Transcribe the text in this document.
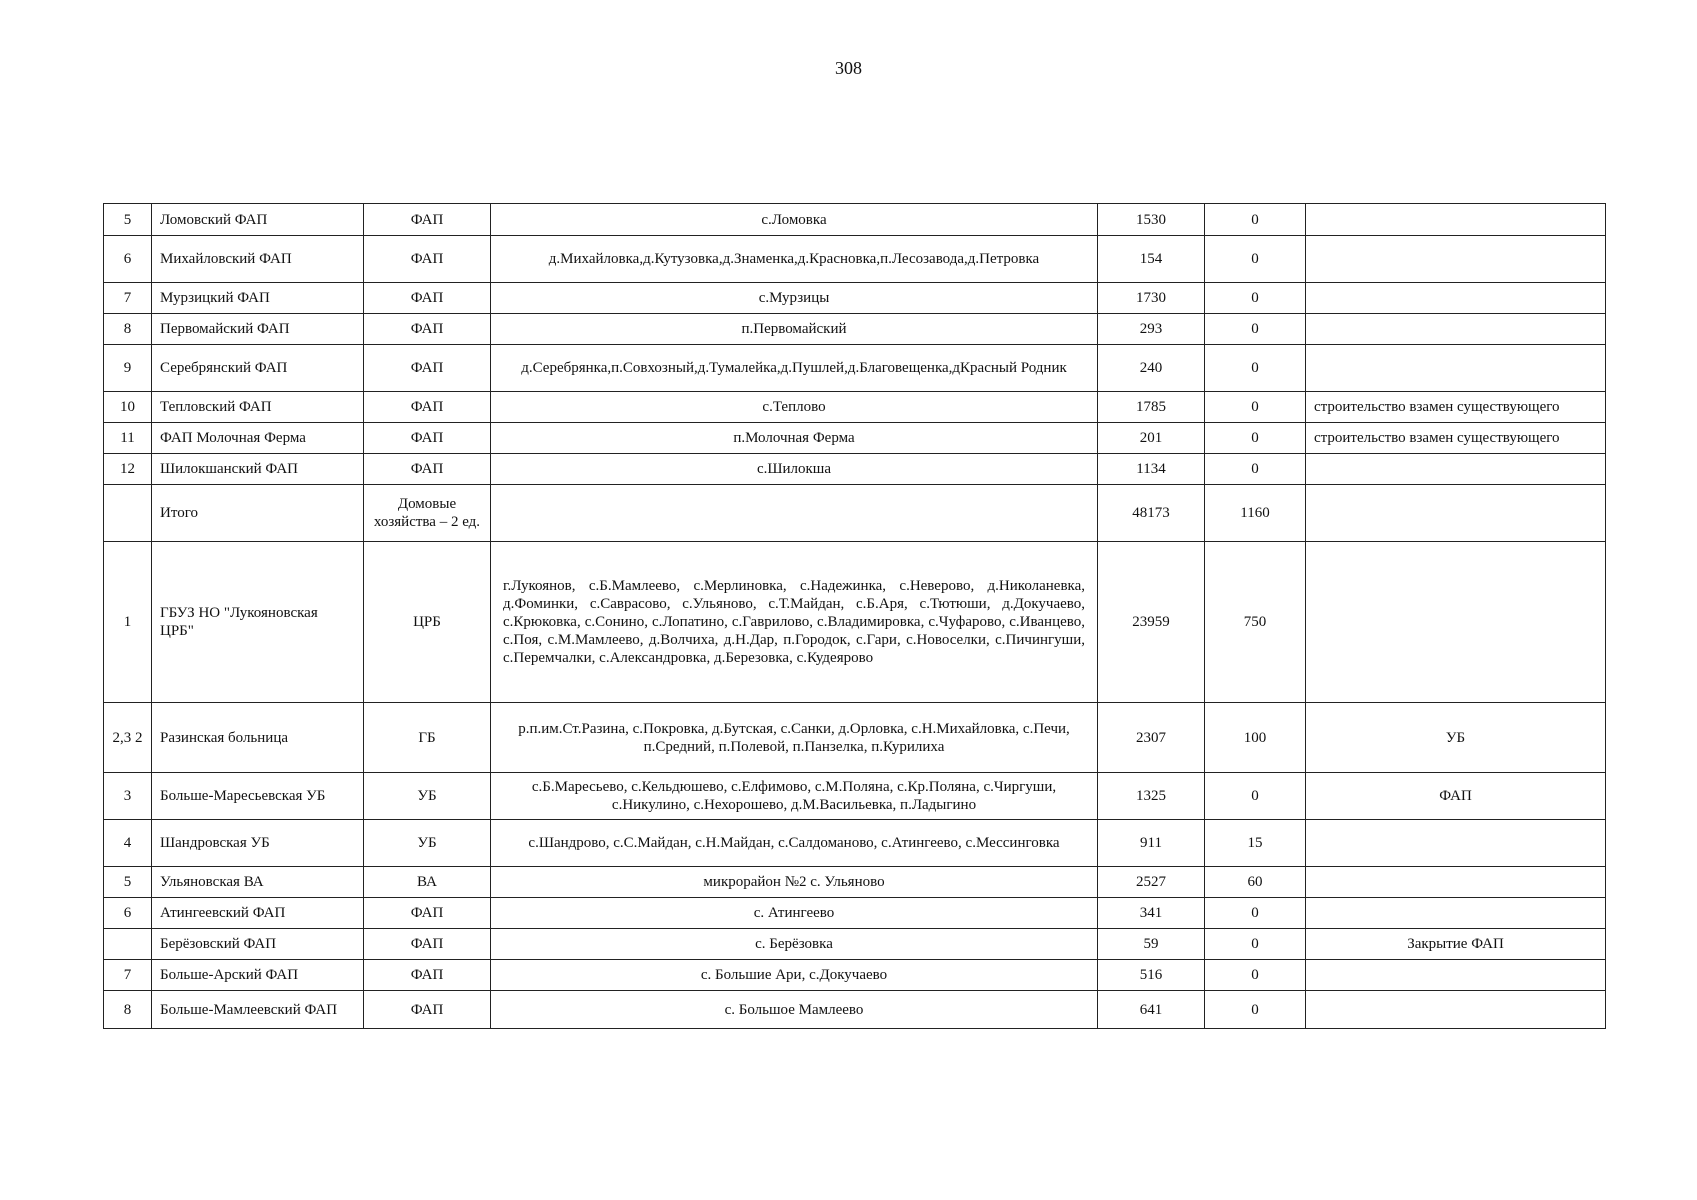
308
5	Ломовский ФАП	ФАП	с.Ломовка	1530	0	
6	Михайловский ФАП	ФАП	д.Михайловка,д.Кутузовка,д.Знаменка,д.Красновка,п.Лесозавода,д.Петровка	154	0	
7	Мурзицкий ФАП	ФАП	с.Мурзицы	1730	0	
8	Первомайский ФАП	ФАП	п.Первомайский	293	0	
9	Серебрянский ФАП	ФАП	д.Серебрянка,п.Совхозный,д.Тумалейка,д.Пушлей,д.Благовещенка,дКрасный Родник	240	0	
10	Тепловский ФАП	ФАП	с.Теплово	1785	0	строительство взамен существующего
11	ФАП Молочная Ферма	ФАП	п.Молочная Ферма	201	0	строительство взамен существующего
12	Шилокшанский ФАП	ФАП	с.Шилокша	1134	0	
	Итого	Домовые хозяйства – 2 ед.		48173	1160	
1	ГБУЗ НО "Лукояновская ЦРБ"	ЦРБ	г.Лукоянов, с.Б.Мамлеево, с.Мерлиновка, с.Надежинка, с.Неверово, д.Николаневка, д.Фоминки, с.Саврасово, с.Ульяново, с.Т.Майдан, с.Б.Аря, с.Тютюши, д.Докучаево, с.Крюковка, с.Сонино, с.Лопатино, с.Гаврилово, с.Владимировка, с.Чуфарово, с.Иванцево, с.Поя, с.М.Мамлеево, д.Волчиха, д.Н.Дар, п.Городок, с.Гари, с.Новоселки, с.Пичингуши, с.Перемчалки, с.Александровка, д.Березовка, с.Кудеярово	23959	750	
2,3 2	Разинская больница	ГБ	р.п.им.Ст.Разина, с.Покровка, д.Бутская, с.Санки, д.Орловка, с.Н.Михайловка, с.Печи, п.Средний, п.Полевой, п.Панзелка, п.Курилиха	2307	100	УБ
3	Больше-Маресьевская УБ	УБ	с.Б.Маресьево, с.Кельдюшево, с.Елфимово, с.М.Поляна, с.Кр.Поляна, с.Чиргуши, с.Никулино, с.Нехорошево, д.М.Васильевка, п.Ладыгино	1325	0	ФАП
4	Шандровская УБ	УБ	с.Шандрово, с.С.Майдан, с.Н.Майдан, с.Салдоманово, с.Атингеево, с.Мессинговка	911	15	
5	Ульяновская ВА	ВА	микрорайон №2 с. Ульяново	2527	60	
6	Атингеевский ФАП	ФАП	с. Атингеево	341	0	
	Берёзовский ФАП	ФАП	с. Берёзовка	59	0	Закрытие ФАП
7	Больше-Арский ФАП	ФАП	с. Большие Ари, с.Докучаево	516	0	
8	Больше-Мамлеевский ФАП	ФАП	с. Большое Мамлеево	641	0	
